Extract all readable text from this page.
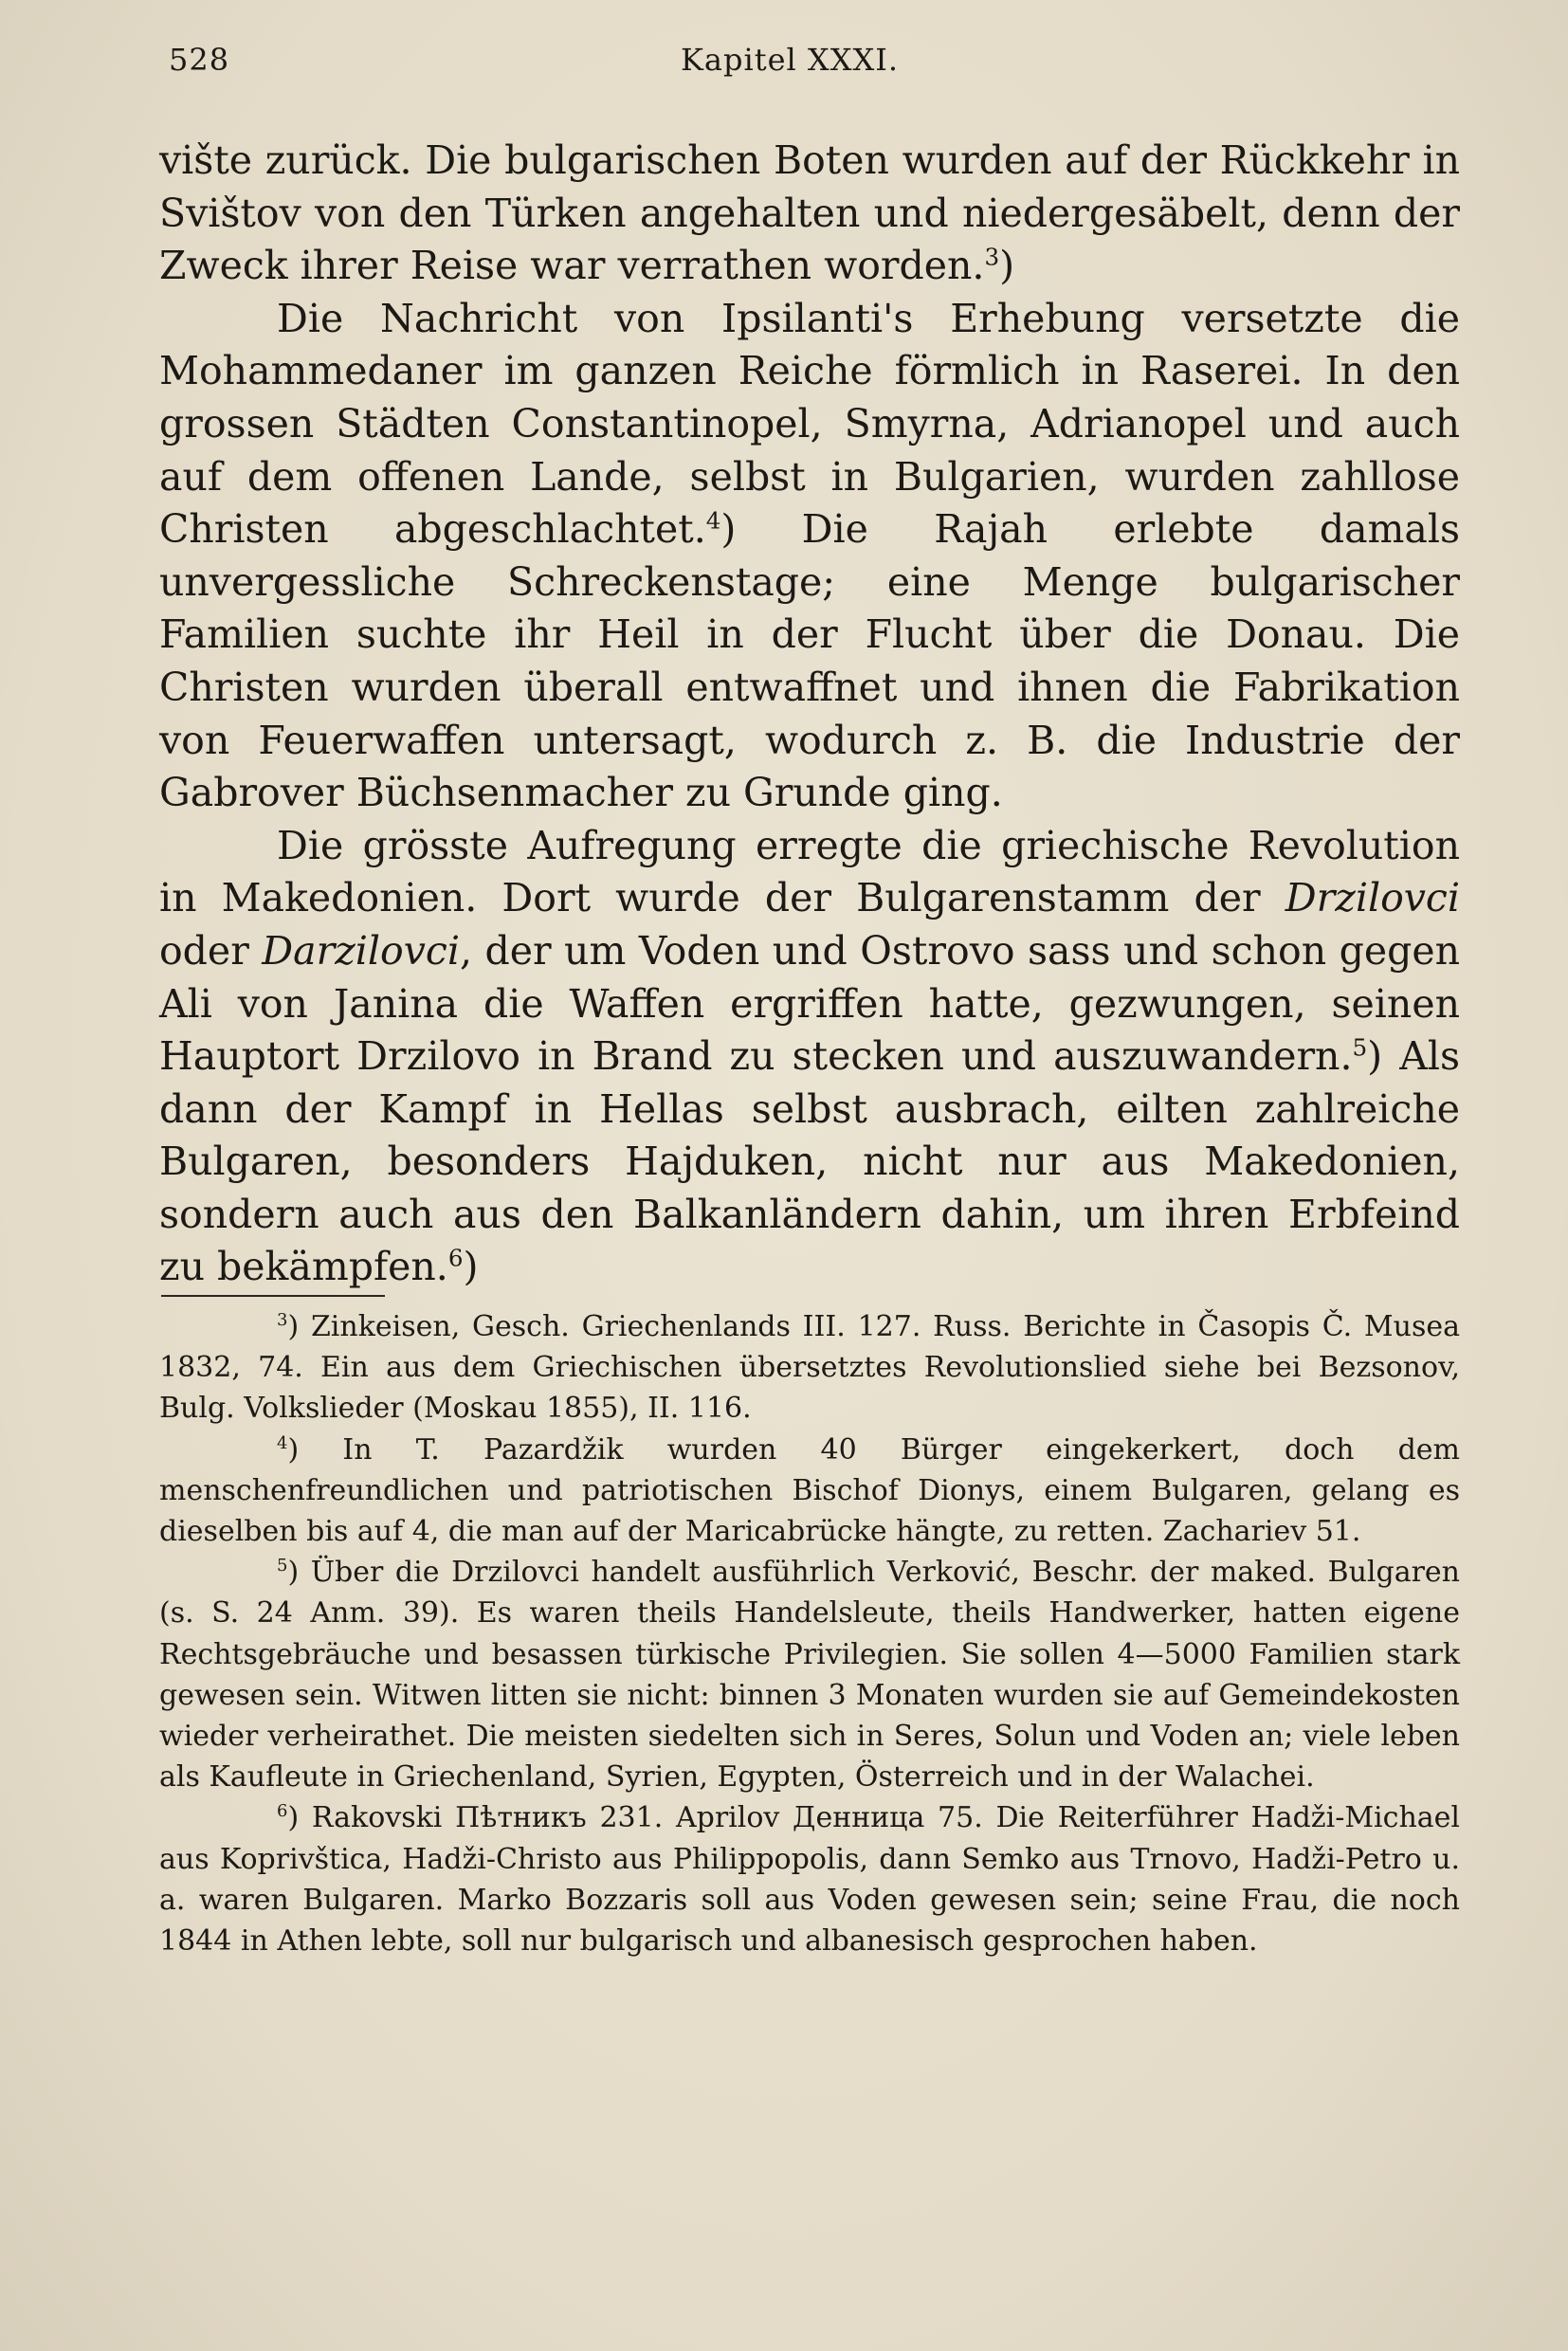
528	Kapitel XXXI.

vište zurück. Die bulgarischen Boten wurden auf der Rückkehr in Svištov von den Türken angehalten und niedergesäbelt, denn der Zweck ihrer Reise war verrathen worden.$^3$)

Die Nachricht von Ipsilanti's Erhebung versetzte die Mohammedaner im ganzen Reiche förmlich in Raserei. In den grossen Städten Constantinopel, Smyrna, Adrianopel und auch auf dem offenen Lande, selbst in Bulgarien, wurden zahllose Christen abgeschlachtet.$^4$) Die Rajah erlebte damals unvergessliche Schreckenstage; eine Menge bulgarischer Familien suchte ihr Heil in der Flucht über die Donau. Die Christen wurden überall entwaffnet und ihnen die Fabrikation von Feuerwaffen untersagt, wodurch z. B. die Industrie der Gabrover Büchsenmacher zu Grunde ging.

Die grösste Aufregung erregte die griechische Revolution in Makedonien. Dort wurde der Bulgarenstamm der Drzilovci oder Darzilovci, der um Voden und Ostrovo sass und schon gegen Ali von Janina die Waffen ergriffen hatte, gezwungen, seinen Hauptort Drzilovo in Brand zu stecken und auszuwandern.$^5$) Als dann der Kampf in Hellas selbst ausbrach, eilten zahlreiche Bulgaren, besonders Hajduken, nicht nur aus Makedonien, sondern auch aus den Balkanländern dahin, um ihren Erbfeind zu bekämpfen.$^6$)

$^3$) Zinkeisen, Gesch. Griechenlands III. 127. Russ. Berichte in Časopis Č. Musea 1832, 74. Ein aus dem Griechischen übersetztes Revolutionslied siehe bei Bezsonov, Bulg. Volkslieder (Moskau 1855), II. 116.

$^4$) In T. Pazardžik wurden 40 Bürger eingekerkert, doch dem menschenfreundlichen und patriotischen Bischof Dionys, einem Bulgaren, gelang es dieselben bis auf 4, die man auf der Maricabrücke hängte, zu retten. Zachariev 51.

$^5$) Über die Drzilovci handelt ausführlich Verković, Beschr. der maked. Bulgaren (s. S. 24 Anm. 39). Es waren theils Handelsleute, theils Handwerker, hatten eigene Rechtsgebräuche und besassen türkische Privilegien. Sie sollen 4—5000 Familien stark gewesen sein. Witwen litten sie nicht: binnen 3 Monaten wurden sie auf Gemeindekosten wieder verheirathet. Die meisten siedelten sich in Seres, Solun und Voden an; viele leben als Kaufleute in Griechenland, Syrien, Egypten, Österreich und in der Walachei.

$^6$) Rakovski Пѣтникъ 231. Aprilov Денница 75. Die Reiterführer Hadži-Michael aus Koprivštica, Hadži-Christo aus Philippopolis, dann Semko aus Trnovo, Hadži-Petro u. a. waren Bulgaren. Marko Bozzaris soll aus Voden gewesen sein; seine Frau, die noch 1844 in Athen lebte, soll nur bulgarisch und albanesisch gesprochen haben.
